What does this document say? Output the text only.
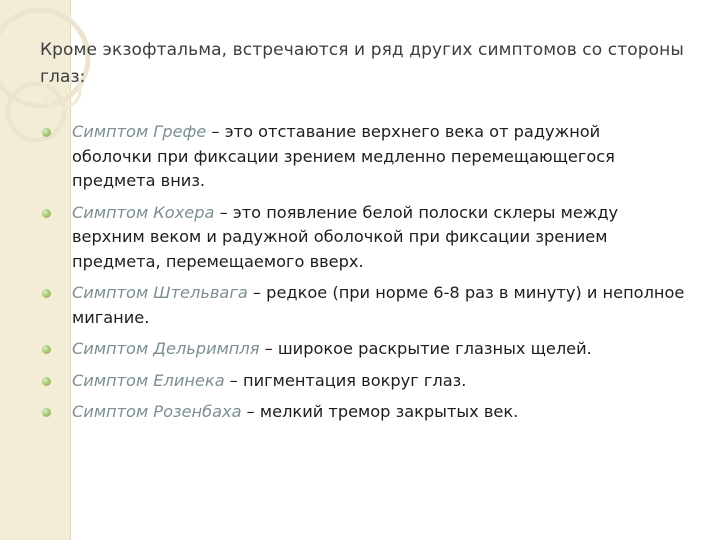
Кроме экзофтальма, встречаются и ряд других симптомов со стороны глаз:
Симптом Грефе – это отставание верхнего века от радужной оболочки при фиксации зрением медленно перемещающегося предмета вниз.
Симптом Кохера – это появление белой полоски склеры между верхним веком и радужной оболочкой при фиксации зрением предмета, перемещаемого вверх.
Симптом Штельвага – редкое (при норме 6-8 раз в минуту) и неполное мигание.
Симптом Дельримпля – широкое раскрытие глазных щелей.
Симптом Елинека – пигментация вокруг глаз.
Симптом Розенбаха – мелкий тремор закрытых век.
